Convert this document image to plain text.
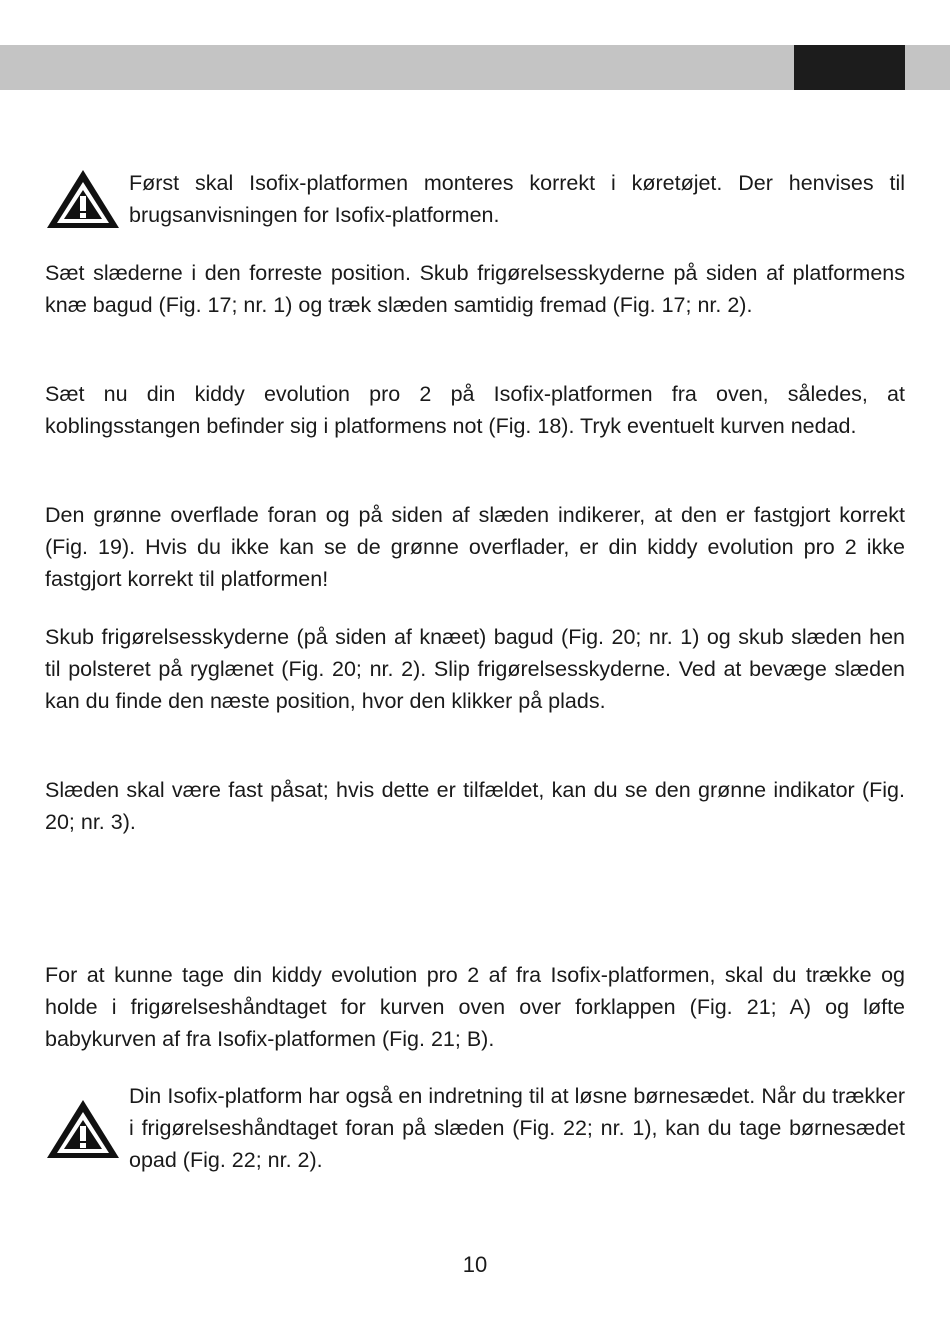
Først skal Isofix-platformen monteres korrekt i køretøjet. Der henvises til brugsanvisningen for Isofix-platformen.

Sæt slæderne i den forreste position. Skub frigørelsesskyderne på siden af platformens knæ bagud (Fig. 17; nr. 1) og træk slæden samtidig fremad (Fig. 17; nr. 2).

Sæt nu din kiddy evolution pro 2 på Isofix-platformen fra oven, således, at koblingsstangen befinder sig i platformens not (Fig. 18). Tryk eventuelt kurven nedad.

Den grønne overflade foran og på siden af slæden indikerer, at den er fastgjort korrekt (Fig. 19). Hvis du ikke kan se de grønne overflader, er din kiddy evolution pro 2 ikke fastgjort korrekt til platformen!

Skub frigørelsesskyderne (på siden af knæet) bagud (Fig. 20; nr. 1) og skub slæden hen til polsteret på ryglænet (Fig. 20; nr. 2). Slip frigørelsesskyderne. Ved at bevæge slæden kan du finde den næste position, hvor den klikker på plads.

Slæden skal være fast påsat; hvis dette er tilfældet, kan du se den grønne indikator (Fig. 20; nr. 3).

For at kunne tage din kiddy evolution pro 2 af fra Isofix-platformen, skal du trække og holde i frigørelseshåndtaget for kurven oven over forklappen (Fig. 21; A) og løfte babykurven af fra Isofix-platformen (Fig. 21; B).

Din Isofix-platform har også en indretning til at løsne børnesædet. Når du trækker i frigørelseshåndtaget foran på slæden (Fig. 22; nr. 1), kan du tage børnesædet opad (Fig. 22; nr. 2).

10
